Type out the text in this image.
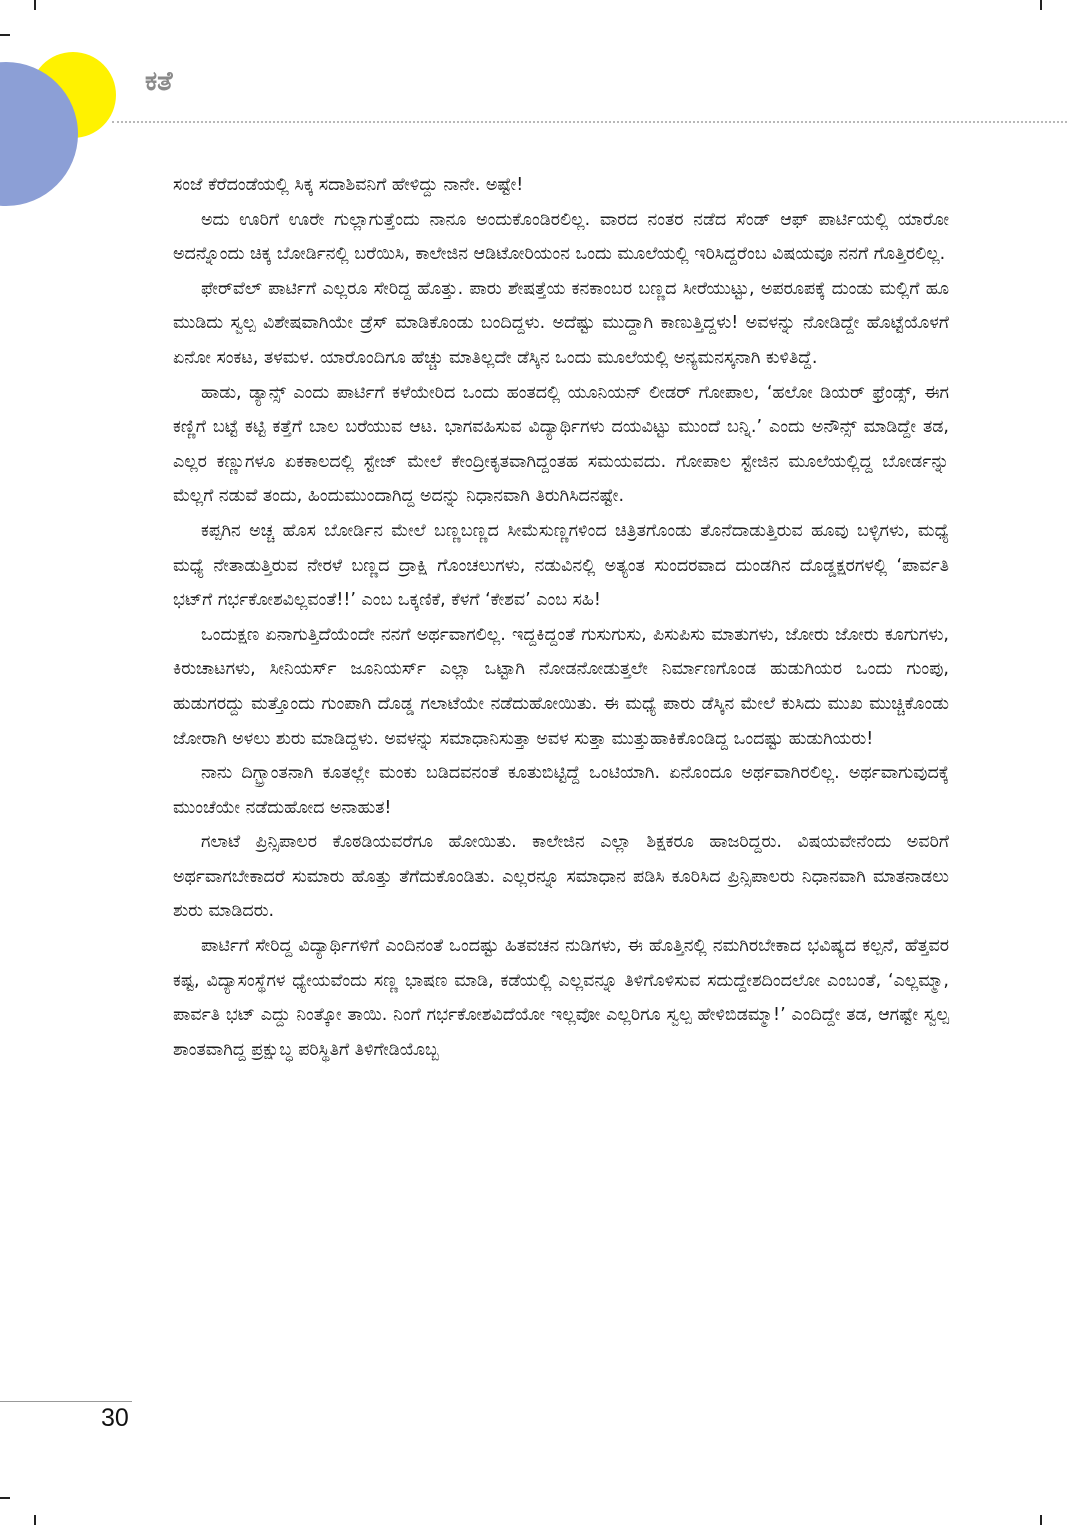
ಕತೆ

ಸಂಜೆ ಕೆರೆದಂಡೆಯಲ್ಲಿ ಸಿಕ್ಕ ಸದಾಶಿವನಿಗೆ ಹೇಳಿದ್ದು ನಾನೇ. ಅಷ್ಟೇ!

ಅದು ಊರಿಗೆ ಊರೇ ಗುಲ್ಲಾಗುತ್ತೆಂದು ನಾನೂ ಅಂದುಕೊಂಡಿರಲಿಲ್ಲ. ವಾರದ ನಂತರ ನಡೆದ ಸೆಂಡ್ ಆಫ್ ಪಾರ್ಟಿಯಲ್ಲಿ ಯಾರೋ ಅದನ್ನೊಂದು ಚಿಕ್ಕ ಬೋರ್ಡಿನಲ್ಲಿ ಬರೆಯಿಸಿ, ಕಾಲೇಜಿನ ಆಡಿಟೋರಿಯಂನ ಒಂದು ಮೂಲೆಯಲ್ಲಿ ಇರಿಸಿದ್ದರೆಂಬ ವಿಷಯವೂ ನನಗೆ ಗೊತ್ತಿರಲಿಲ್ಲ.

ಫೇರ್‌ವೆಲ್ ಪಾರ್ಟಿಗೆ ಎಲ್ಲರೂ ಸೇರಿದ್ದ ಹೊತ್ತು. ಪಾರು ಶೇಷತ್ತೆಯ ಕನಕಾಂಬರ ಬಣ್ಣದ ಸೀರೆಯುಟ್ಟು, ಅಪರೂಪಕ್ಕೆ ದುಂಡು ಮಲ್ಲಿಗೆ ಹೂ ಮುಡಿದು ಸ್ವಲ್ಪ ವಿಶೇಷವಾಗಿಯೇ ಡ್ರೆಸ್ ಮಾಡಿಕೊಂಡು ಬಂದಿದ್ದಳು. ಅದೆಷ್ಟು ಮುದ್ದಾಗಿ ಕಾಣುತ್ತಿದ್ದಳು! ಅವಳನ್ನು ನೋಡಿದ್ದೇ ಹೊಟ್ಟೆಯೊಳಗೆ ಏನೋ ಸಂಕಟ, ತಳಮಳ. ಯಾರೊಂದಿಗೂ ಹೆಚ್ಚು ಮಾತಿಲ್ಲದೇ ಡೆಸ್ಕಿನ ಒಂದು ಮೂಲೆಯಲ್ಲಿ ಅನ್ಯಮನಸ್ಕನಾಗಿ ಕುಳಿತಿದ್ದೆ.

ಹಾಡು, ಡ್ಯಾನ್ಸ್ ಎಂದು ಪಾರ್ಟಿಗೆ ಕಳೆಯೇರಿದ ಒಂದು ಹಂತದಲ್ಲಿ ಯೂನಿಯನ್ ಲೀಡರ್ ಗೋಪಾಲ, ‘ಹಲೋ ಡಿಯರ್ ಫ್ರೆಂಡ್ಸ್, ಈಗ ಕಣ್ಣಿಗೆ ಬಟ್ಟೆ ಕಟ್ಟಿ ಕತ್ತೆಗೆ ಬಾಲ ಬರೆಯುವ ಆಟ. ಭಾಗವಹಿಸುವ ವಿದ್ಯಾರ್ಥಿಗಳು ದಯವಿಟ್ಟು ಮುಂದೆ ಬನ್ನಿ.’ ಎಂದು ಅನೌನ್ಸ್ ಮಾಡಿದ್ದೇ ತಡ, ಎಲ್ಲರ ಕಣ್ಣುಗಳೂ ಏಕಕಾಲದಲ್ಲಿ ಸ್ಟೇಜ್ ಮೇಲೆ ಕೇಂದ್ರೀಕೃತವಾಗಿದ್ದಂತಹ ಸಮಯವದು. ಗೋಪಾಲ ಸ್ಟೇಜಿನ ಮೂಲೆಯಲ್ಲಿದ್ದ ಬೋರ್ಡನ್ನು ಮೆಲ್ಲಗೆ ನಡುವೆ ತಂದು, ಹಿಂದುಮುಂದಾಗಿದ್ದ ಅದನ್ನು ನಿಧಾನವಾಗಿ ತಿರುಗಿಸಿದನಷ್ಟೇ.

ಕಪ್ಪಗಿನ ಅಚ್ಚ ಹೊಸ ಬೋರ್ಡಿನ ಮೇಲೆ ಬಣ್ಣಬಣ್ಣದ ಸೀಮೆಸುಣ್ಣಗಳಿಂದ ಚಿತ್ರಿತಗೊಂಡು ತೊನೆದಾಡುತ್ತಿರುವ ಹೂವು ಬಳ್ಳಿಗಳು, ಮಧ್ಯೆ ಮಧ್ಯೆ ನೇತಾಡುತ್ತಿರುವ ನೇರಳೆ ಬಣ್ಣದ ದ್ರಾಕ್ಷಿ ಗೊಂಚಲುಗಳು, ನಡುವಿನಲ್ಲಿ ಅತ್ಯಂತ ಸುಂದರವಾದ ದುಂಡಗಿನ ದೊಡ್ಡಕ್ಷರಗಳಲ್ಲಿ ‘ಪಾರ್ವತಿ ಭಟ್‌ಗೆ ಗರ್ಭಕೋಶವಿಲ್ಲವಂತೆ!!’ ಎಂಬ ಒಕ್ಕಣಿಕೆ, ಕೆಳಗೆ ‘ಕೇಶವ’ ಎಂಬ ಸಹಿ!

ಒಂದುಕ್ಷಣ ಏನಾಗುತ್ತಿದೆಯೆಂದೇ ನನಗೆ ಅರ್ಥವಾಗಲಿಲ್ಲ. ಇದ್ದಕಿದ್ದಂತೆ ಗುಸುಗುಸು, ಪಿಸುಪಿಸು ಮಾತುಗಳು, ಜೋರು ಜೋರು ಕೂಗುಗಳು, ಕಿರುಚಾಟಗಳು, ಸೀನಿಯರ್ಸ್ ಜೂನಿಯರ್ಸ್ ಎಲ್ಲಾ ಒಟ್ಟಾಗಿ ನೋಡನೋಡುತ್ತಲೇ ನಿರ್ಮಾಣಗೊಂಡ ಹುಡುಗಿಯರ ಒಂದು ಗುಂಪು, ಹುಡುಗರದ್ದು ಮತ್ತೊಂದು ಗುಂಪಾಗಿ ದೊಡ್ಡ ಗಲಾಟೆಯೇ ನಡೆದುಹೋಯಿತು. ಈ ಮಧ್ಯೆ ಪಾರು ಡೆಸ್ಕಿನ ಮೇಲೆ ಕುಸಿದು ಮುಖ ಮುಚ್ಚಿಕೊಂಡು ಜೋರಾಗಿ ಅಳಲು ಶುರು ಮಾಡಿದ್ದಳು. ಅವಳನ್ನು ಸಮಾಧಾನಿಸುತ್ತಾ ಅವಳ ಸುತ್ತಾ ಮುತ್ತುಹಾಕಿಕೊಂಡಿದ್ದ ಒಂದಷ್ಟು ಹುಡುಗಿಯರು!

ನಾನು ದಿಗ್ಭ್ರಾಂತನಾಗಿ ಕೂತಲ್ಲೇ ಮಂಕು ಬಡಿದವನಂತೆ ಕೂತುಬಿಟ್ಟಿದ್ದೆ ಒಂಟಿಯಾಗಿ. ಏನೊಂದೂ ಅರ್ಥವಾಗಿರಲಿಲ್ಲ. ಅರ್ಥವಾಗುವುದಕ್ಕೆ ಮುಂಚೆಯೇ ನಡೆದುಹೋದ ಅನಾಹುತ!

ಗಲಾಟೆ ಪ್ರಿನ್ಸಿಪಾಲರ ಕೊಠಡಿಯವರೆಗೂ ಹೋಯಿತು. ಕಾಲೇಜಿನ ಎಲ್ಲಾ ಶಿಕ್ಷಕರೂ ಹಾಜರಿದ್ದರು. ವಿಷಯವೇನೆಂದು ಅವರಿಗೆ ಅರ್ಥವಾಗಬೇಕಾದರೆ ಸುಮಾರು ಹೊತ್ತು ತೆಗೆದುಕೊಂಡಿತು. ಎಲ್ಲರನ್ನೂ ಸಮಾಧಾನ ಪಡಿಸಿ ಕೂರಿಸಿದ ಪ್ರಿನ್ಸಿಪಾಲರು ನಿಧಾನವಾಗಿ ಮಾತನಾಡಲು ಶುರು ಮಾಡಿದರು.

ಪಾರ್ಟಿಗೆ ಸೇರಿದ್ದ ವಿದ್ಯಾರ್ಥಿಗಳಿಗೆ ಎಂದಿನಂತೆ ಒಂದಷ್ಟು ಹಿತವಚನ ನುಡಿಗಳು, ಈ ಹೊತ್ತಿನಲ್ಲಿ ನಮಗಿರಬೇಕಾದ ಭವಿಷ್ಯದ ಕಲ್ಪನೆ, ಹೆತ್ತವರ ಕಷ್ಟ, ವಿದ್ಯಾಸಂಸ್ಥೆಗಳ ಧ್ಯೇಯವೆಂದು ಸಣ್ಣ ಭಾಷಣ ಮಾಡಿ, ಕಡೆಯಲ್ಲಿ ಎಲ್ಲವನ್ನೂ ತಿಳಿಗೊಳಿಸುವ ಸದುದ್ದೇಶದಿಂದಲೋ ಎಂಬಂತೆ, ‘ಎಲ್ಲಮ್ಮಾ, ಪಾರ್ವತಿ ಭಟ್ ಎದ್ದು ನಿಂತ್ಕೋ ತಾಯಿ. ನಿಂಗೆ ಗರ್ಭಕೋಶವಿದೆಯೋ ಇಲ್ಲವೋ ಎಲ್ಲರಿಗೂ ಸ್ವಲ್ಪ ಹೇಳಿಬಿಡಮ್ಮಾ!’ ಎಂದಿದ್ದೇ ತಡ, ಆಗಷ್ಟೇ ಸ್ವಲ್ಪ ಶಾಂತವಾಗಿದ್ದ ಪ್ರಕ್ಷುಬ್ಧ ಪರಿಸ್ಥಿತಿಗೆ ತಿಳಿಗೇಡಿಯೊಬ್ಬ

30
